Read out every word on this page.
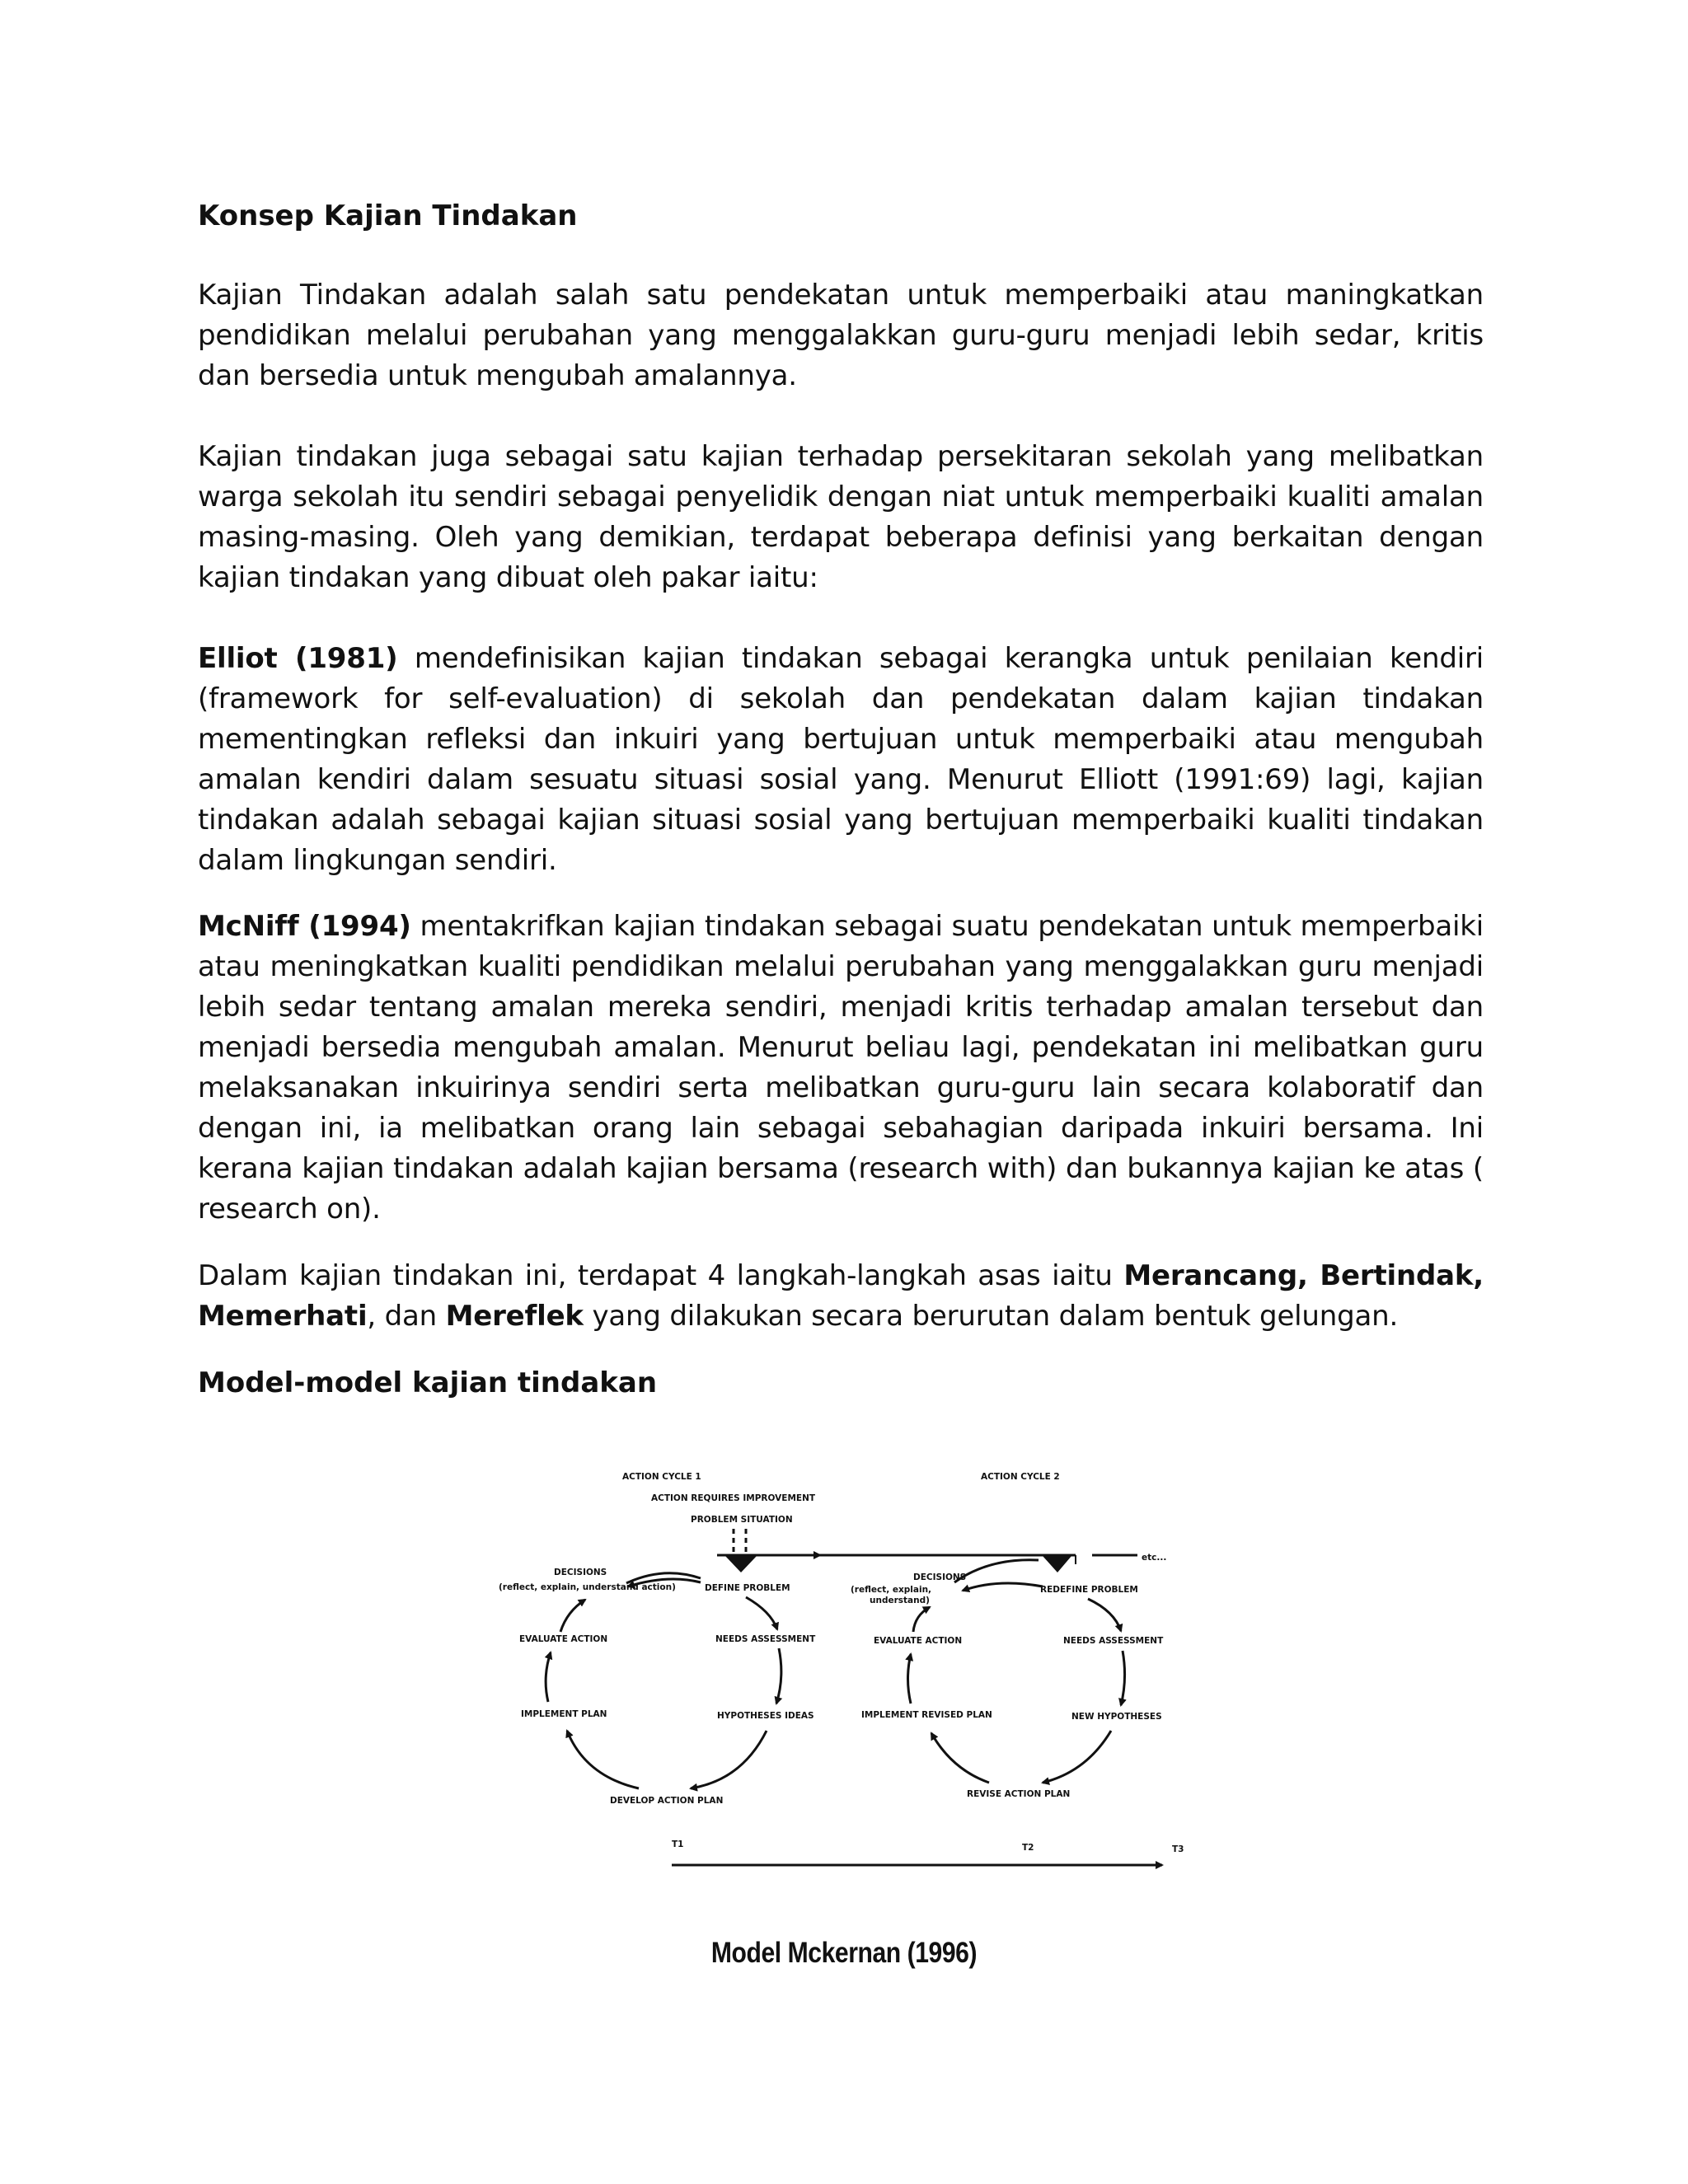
Konsep Kajian Tindakan

Kajian Tindakan adalah salah satu pendekatan untuk memperbaiki atau maningkatkan pendidikan melalui perubahan yang menggalakkan guru-guru menjadi lebih sedar, kritis dan bersedia untuk mengubah amalannya.

Kajian tindakan juga sebagai satu kajian terhadap persekitaran sekolah yang melibatkan warga sekolah itu sendiri sebagai penyelidik dengan niat untuk memperbaiki kualiti amalan masing-masing. Oleh yang demikian, terdapat beberapa definisi yang berkaitan dengan kajian tindakan yang dibuat oleh pakar iaitu:

Elliot (1981) mendefinisikan kajian tindakan sebagai kerangka untuk penilaian kendiri (framework for self-evaluation) di sekolah dan pendekatan dalam kajian tindakan mementingkan refleksi dan inkuiri yang bertujuan untuk memperbaiki atau mengubah amalan kendiri dalam sesuatu situasi sosial yang. Menurut Elliott (1991:69) lagi, kajian tindakan adalah sebagai kajian situasi sosial yang bertujuan memperbaiki kualiti tindakan dalam lingkungan sendiri.

McNiff (1994) mentakrifkan kajian tindakan sebagai suatu pendekatan untuk memperbaiki atau meningkatkan kualiti pendidikan melalui perubahan yang menggalakkan guru menjadi lebih sedar tentang amalan mereka sendiri, menjadi kritis terhadap amalan tersebut dan menjadi bersedia mengubah amalan. Menurut beliau lagi, pendekatan ini melibatkan guru melaksanakan inkuirinya sendiri serta melibatkan guru-guru lain secara kolaboratif dan dengan ini, ia melibatkan orang lain sebagai sebahagian daripada inkuiri bersama. Ini kerana kajian tindakan adalah kajian bersama (research with) dan bukannya kajian ke atas ( research on).

Dalam kajian tindakan ini, terdapat 4 langkah-langkah asas iaitu Merancang, Bertindak, Memerhati, dan Mereflek yang dilakukan secara berurutan dalam bentuk gelungan.

Model-model kajian tindakan

ACTION CYCLE 1
ACTION REQUIRES IMPROVEMENT
PROBLEM SITUATION
ACTION CYCLE 2
etc...
DECISIONS
(reflect, explain, understand action)	DEFINE PROBLEM
EVALUATE ACTION	NEEDS ASSESSMENT
IMPLEMENT PLAN	HYPOTHESES IDEAS
DEVELOP ACTION PLAN
DECISIONS
(reflect, explain,
understand)
REDEFINE PROBLEM
EVALUATE ACTION	NEEDS ASSESSMENT
IMPLEMENT REVISED PLAN	NEW HYPOTHESES
REVISE ACTION PLAN
T1	T2	T3
Model Mckernan (1996)
